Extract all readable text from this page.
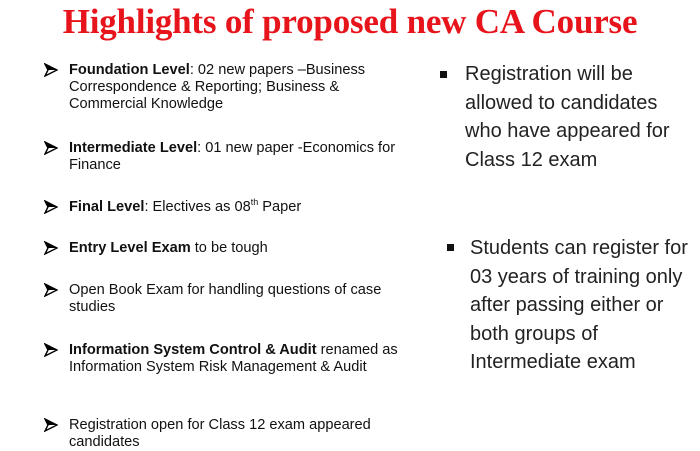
Highlights of proposed new CA Course
Foundation Level: 02 new papers –Business Correspondence & Reporting; Business & Commercial Knowledge
Intermediate Level: 01 new paper -Economics for Finance
Final Level: Electives as 08th Paper
Entry Level Exam to be tough
Open Book Exam for handling questions of case studies
Information System Control & Audit renamed as Information System Risk Management & Audit
Registration open for Class 12 exam appeared candidates
Registration will be allowed to candidates who have appeared for Class 12 exam
Students can register for 03 years of training only after passing either or both groups of Intermediate exam
